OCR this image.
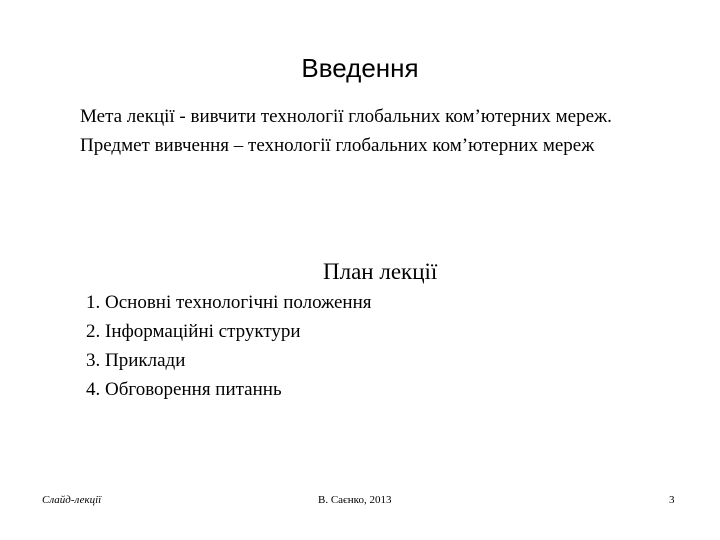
Введення
Мета лекції - вивчити технології глобальних ком’ютерних мереж.
Предмет вивчення – технології глобальних ком’ютерних мереж
План лекції
1. Основні технологічні положення
2. Інформаційні структури
3. Приклади
4. Обговорення питаннь
Слайд-лекції	В. Саєнко, 2013	3
